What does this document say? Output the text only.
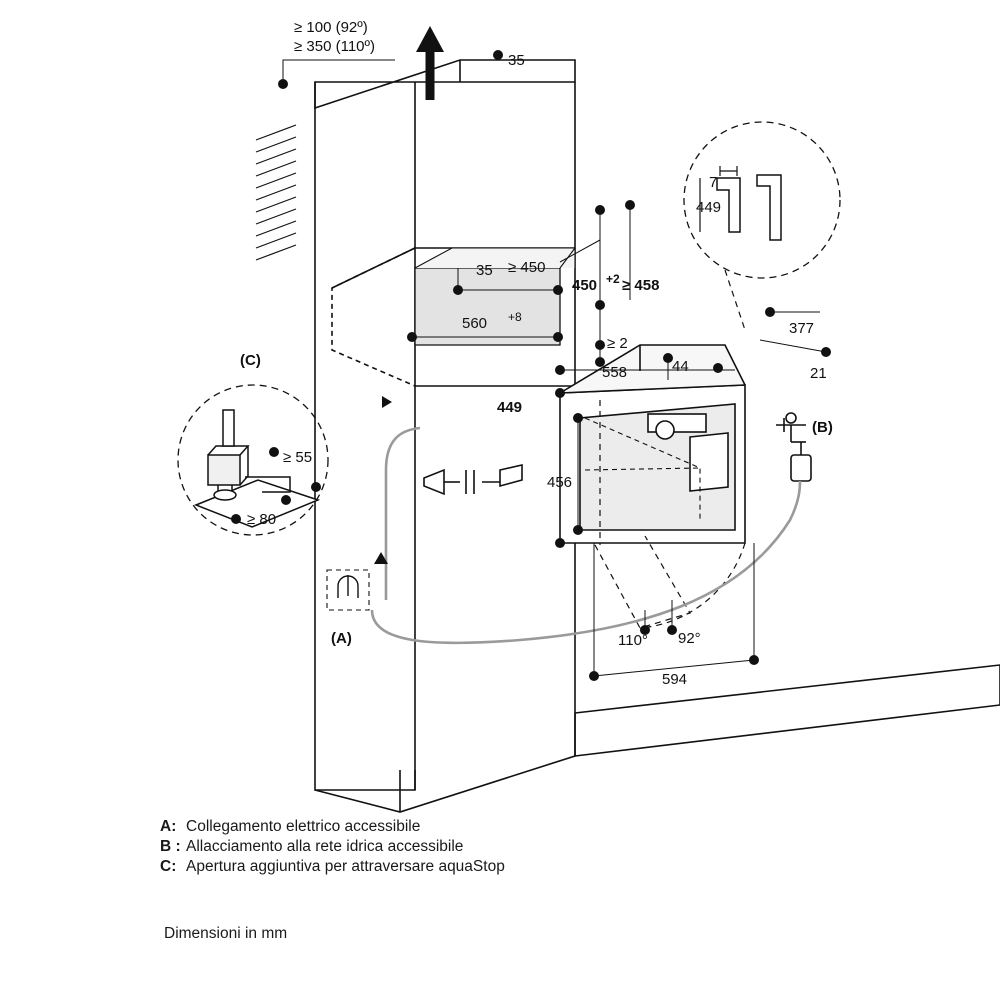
7
449
≥ 55
≥ 80
(C)
(A)
(B)
≥ 100 (92º)
≥ 350 (110º)
35
≥ 450
35
560 +8
450 +2 ≥ 458
≥ 2
558	44
449
456
377
21
110° 92°
594
A: Collegamento elettrico accessibile
B : Allacciamento alla rete idrica accessibile
C: Apertura aggiuntiva per attraversare aquaStop
Dimensioni in mm
